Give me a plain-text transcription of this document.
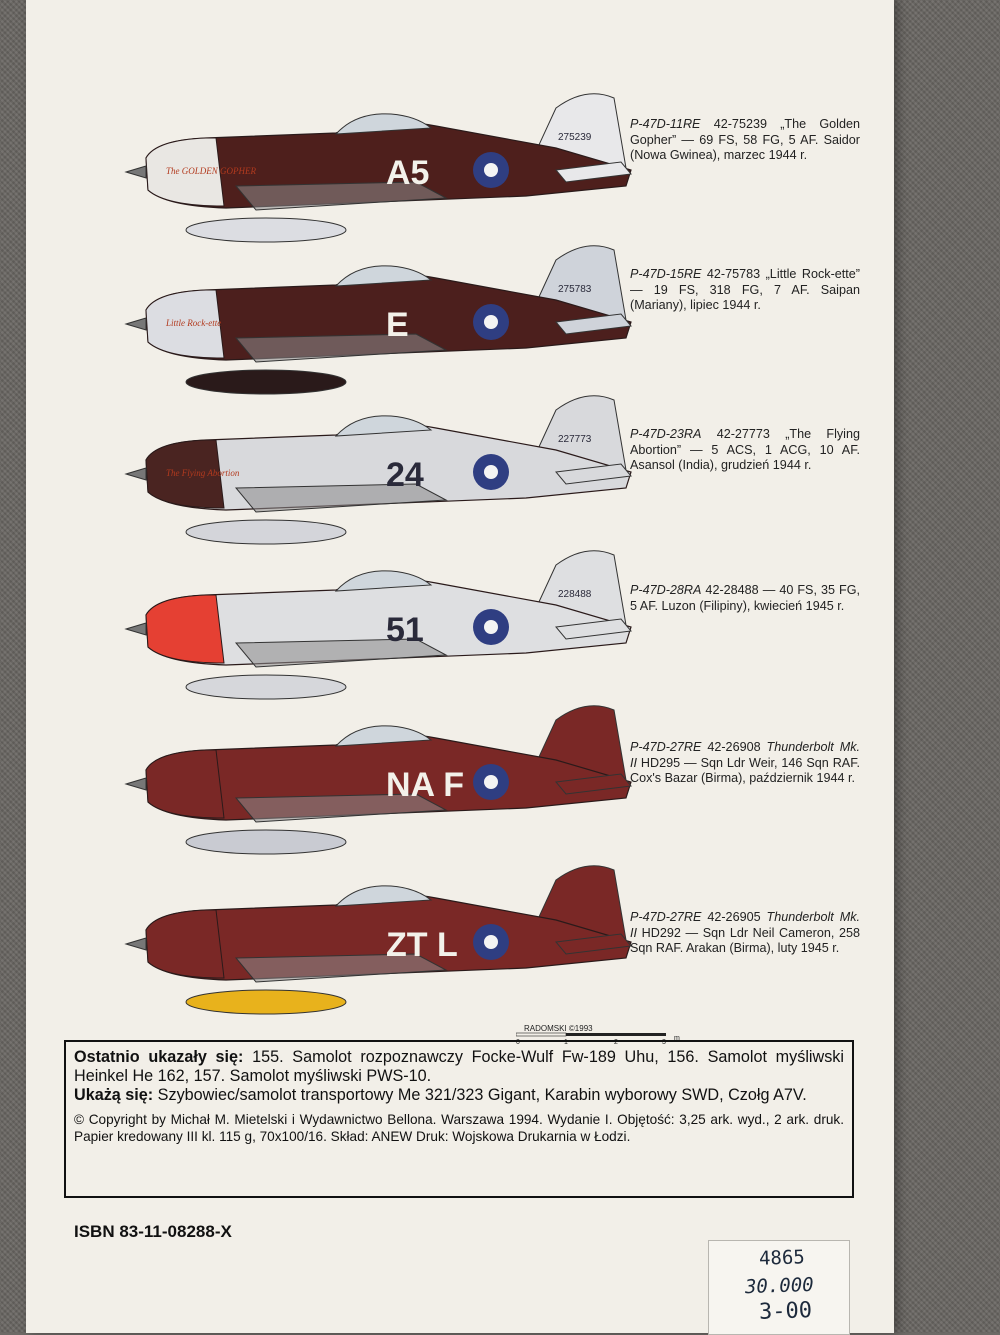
A5
275239
The GOLDEN GOPHER
E
275783
Little Rock-ette
24
227773
The Flying Abortion
51
228488
NA F
ZT L
P-47D-11RE 42-75239 „The Golden Gopher” — 69 FS, 58 FG, 5 AF. Saidor (Nowa Gwinea), marzec 1944 r.
P-47D-15RE 42-75783 „Little Rock-ette” — 19 FS, 318 FG, 7 AF. Saipan (Mariany), lipiec 1944 r.
P-47D-23RA 42-27773 „The Flying Abortion” — 5 ACS, 1 ACG, 10 AF. Asansol (India), grudzień 1944 r.
P-47D-28RA 42-28488 — 40 FS, 35 FG, 5 AF. Luzon (Filipiny), kwiecień 1945 r.
P-47D-27RE 42-26908 Thunderbolt Mk. II HD295 — Sqn Ldr Weir, 146 Sqn RAF. Cox's Bazar (Birma), październik 1944 r.
P-47D-27RE 42-26905 Thunderbolt Mk. II HD292 — Sqn Ldr Neil Cameron, 258 Sqn RAF. Arakan (Birma), luty 1945 r.
RADOMSKI ©1993
0	1	2	3
m
Ostatnio ukazały się: 155. Samolot rozpoznawczy Focke-Wulf Fw-189 Uhu, 156. Samolot myśliwski Heinkel He 162, 157. Samolot myśliwski PWS-10.
Ukażą się: Szybowiec/samolot transportowy Me 321/323 Gigant, Karabin wyborowy SWD, Czołg A7V.
© Copyright by Michał M. Mietelski i Wydawnictwo Bellona. Warszawa 1994. Wydanie I. Objętość: 3,25 ark. wyd., 2 ark. druk. Papier kredowany III kl. 115 g, 70x100/16. Skład: ANEW Druk: Wojskowa Drukarnia w Łodzi.
ISBN 83-11-08288-X
4865
30.000
3-00
